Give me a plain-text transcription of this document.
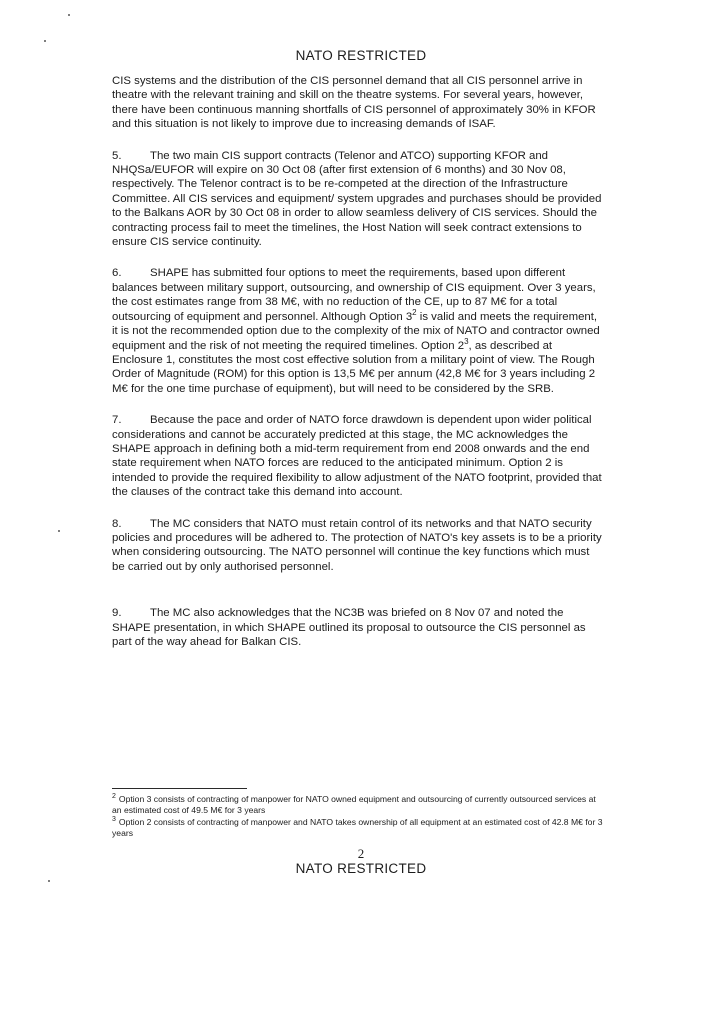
NATO RESTRICTED

CIS systems and the distribution of the CIS personnel demand that all CIS personnel arrive in theatre with the relevant training and skill on the theatre systems. For several years, however, there have been continuous manning shortfalls of CIS personnel of approximately 30% in KFOR and this situation is not likely to improve due to increasing demands of ISAF.

5.	The two main CIS support contracts (Telenor and ATCO) supporting KFOR and NHQSa/EUFOR will expire on 30 Oct 08 (after first extension of 6 months) and 30 Nov 08, respectively. The Telenor contract is to be re-competed at the direction of the Infrastructure Committee. All CIS services and equipment/ system upgrades and purchases should be provided to the Balkans AOR by 30 Oct 08 in order to allow seamless delivery of CIS services. Should the contracting process fail to meet the timelines, the Host Nation will seek contract extensions to ensure CIS service continuity.

6.	SHAPE has submitted four options to meet the requirements, based upon different balances between military support, outsourcing, and ownership of CIS equipment. Over 3 years, the cost estimates range from 38 M€, with no reduction of the CE, up to 87 M€ for a total outsourcing of equipment and personnel. Although Option $3^2$ is valid and meets the requirement, it is not the recommended option due to the complexity of the mix of NATO and contractor owned equipment and the risk of not meeting the required timelines. Option $2^3$, as described at Enclosure 1, constitutes the most cost effective solution from a military point of view. The Rough Order of Magnitude (ROM) for this option is 13,5 M€ per annum (42,8 M€ for 3 years including 2 M€ for the one time purchase of equipment), but will need to be considered by the SRB.

7.	Because the pace and order of NATO force drawdown is dependent upon wider political considerations and cannot be accurately predicted at this stage, the MC acknowledges the SHAPE approach in defining both a mid-term requirement from end 2008 onwards and the end state requirement when NATO forces are reduced to the anticipated minimum. Option 2 is intended to provide the required flexibility to allow adjustment of the NATO footprint, provided that the clauses of the contract take this demand into account.

8.	The MC considers that NATO must retain control of its networks and that NATO security policies and procedures will be adhered to. The protection of NATO's key assets is to be a priority when considering outsourcing. The NATO personnel will continue the key functions which must be carried out by only authorised personnel.

9.	The MC also acknowledges that the NC3B was briefed on 8 Nov 07 and noted the SHAPE presentation, in which SHAPE outlined its proposal to outsource the CIS personnel as part of the way ahead for Balkan CIS.

$^2$ Option 3 consists of contracting of manpower for NATO owned equipment and outsourcing of currently outsourced services at an estimated cost of 49.5 M€ for 3 years

$^3$ Option 2 consists of contracting of manpower and NATO takes ownership of all equipment at an estimated cost of 42.8 M€ for 3 years

2
NATO RESTRICTED
